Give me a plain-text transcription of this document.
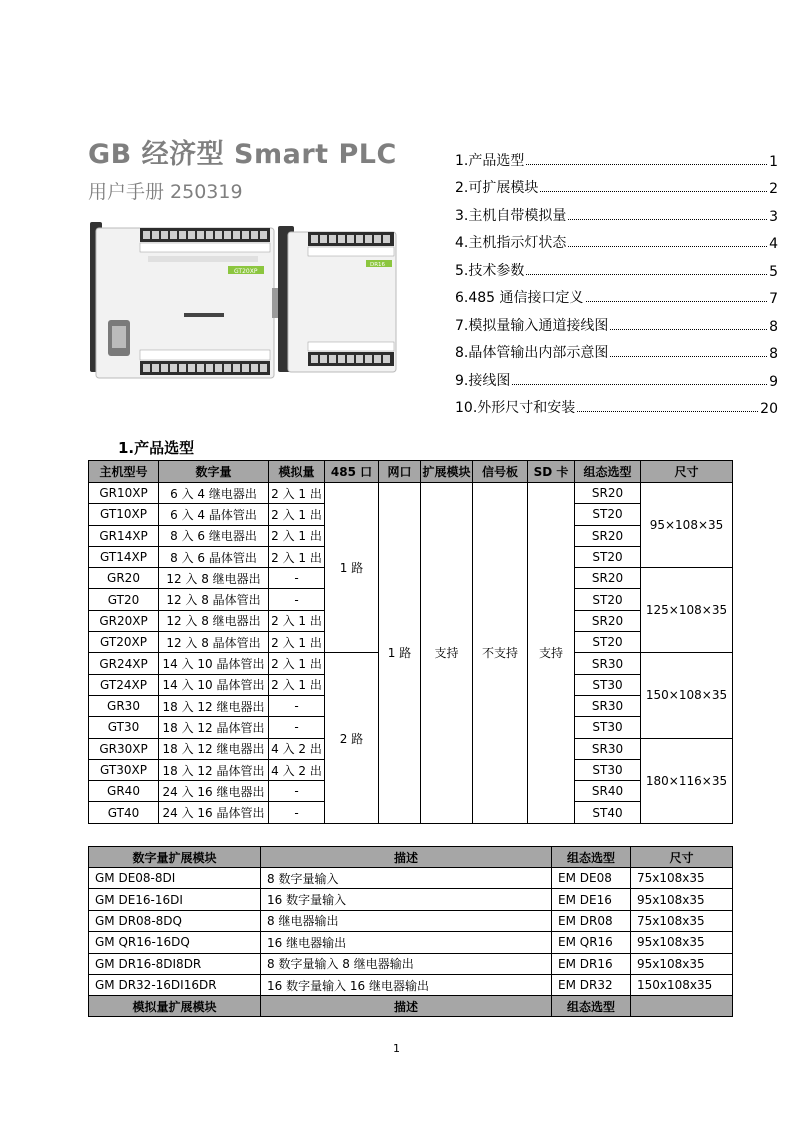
GB 经济型 Smart PLC
用户手册 250319
GT20XP
DR16
1.产品选型	1
2.可扩展模块	2
3.主机自带模拟量	3
4.主机指示灯状态	4
5.技术参数	5
6.485 通信接口定义	7
7.模拟量输入通道接线图	8
8.晶体管输出内部示意图	8
9.接线图	9
10.外形尺寸和安装	20
1.产品选型
主机型号	数字量	模拟量	485 口	网口	扩展模块	信号板	SD 卡	组态选型	尺寸
GR10XP	6 入 4 继电器出	2 入 1 出	1 路	1 路	支持	不支持	支持	SR20	95×108×35
GT10XP	6 入 4 晶体管出	2 入 1 出						ST20	
GR14XP	8 入 6 继电器出	2 入 1 出						SR20	
GT14XP	8 入 6 晶体管出	2 入 1 出						ST20	
GR20	12 入 8 继电器出	-						SR20	125×108×35
GT20	12 入 8 晶体管出	-						ST20	
GR20XP	12 入 8 继电器出	2 入 1 出						SR20	
GT20XP	12 入 8 晶体管出	2 入 1 出						ST20	
GR24XP	14 入 10 晶体管出	2 入 1 出	2 路					SR30	150×108×35
GT24XP	14 入 10 晶体管出	2 入 1 出						ST30	
GR30	18 入 12 继电器出	-						SR30	
GT30	18 入 12 晶体管出	-						ST30	
GR30XP	18 入 12 继电器出	4 入 2 出						SR30	180×116×35
GT30XP	18 入 12 晶体管出	4 入 2 出						ST30	
GR40	24 入 16 继电器出	-						SR40	
GT40	24 入 16 晶体管出	-						ST40	
数字量扩展模块	描述	组态选型	尺寸
GM DE08-8DI	8 数字量输入	EM DE08	75x108x35
GM DE16-16DI	16 数字量输入	EM DE16	95x108x35
GM DR08-8DQ	8 继电器输出	EM DR08	75x108x35
GM QR16-16DQ	16 继电器输出	EM QR16	95x108x35
GM DR16-8DI8DR	8 数字量输入 8 继电器输出	EM DR16	95x108x35
GM DR32-16DI16DR	16 数字量输入 16 继电器输出	EM DR32	150x108x35
模拟量扩展模块	描述	组态选型	
1
